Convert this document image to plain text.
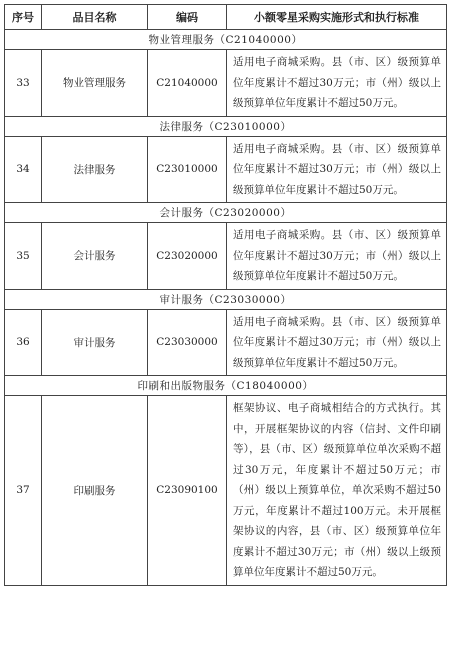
序号	品目名称	编码	小额零星采购实施形式和执行标准
物业管理服务（C21040000）			
33	物业管理服务	C21040000	适用电子商城采购。县（市、区）级预算单位年度累计不超过30万元；市（州）级以上级预算单位年度累计不超过50万元。
法律服务（C23010000）			
34	法律服务	C23010000	适用电子商城采购。县（市、区）级预算单位年度累计不超过30万元；市（州）级以上级预算单位年度累计不超过50万元。
会计服务（C23020000）			
35	会计服务	C23020000	适用电子商城采购。县（市、区）级预算单位年度累计不超过30万元；市（州）级以上级预算单位年度累计不超过50万元。
审计服务（C23030000）			
36	审计服务	C23030000	适用电子商城采购。县（市、区）级预算单位年度累计不超过30万元；市（州）级以上级预算单位年度累计不超过50万元。
印刷和出版物服务（C18040000）			
37	印刷服务	C23090100	框架协议、电子商城相结合的方式执行。其中，开展框架协议的内容（信封、文件印刷等），县（市、区）级预算单位单次采购不超过30万元，年度累计不超过50万元；市（州）级以上预算单位，单次采购不超过50万元，年度累计不超过100万元。未开展框架协议的内容，县（市、区）级预算单位年度累计不超过30万元；市（州）级以上级预算单位年度累计不超过50万元。
